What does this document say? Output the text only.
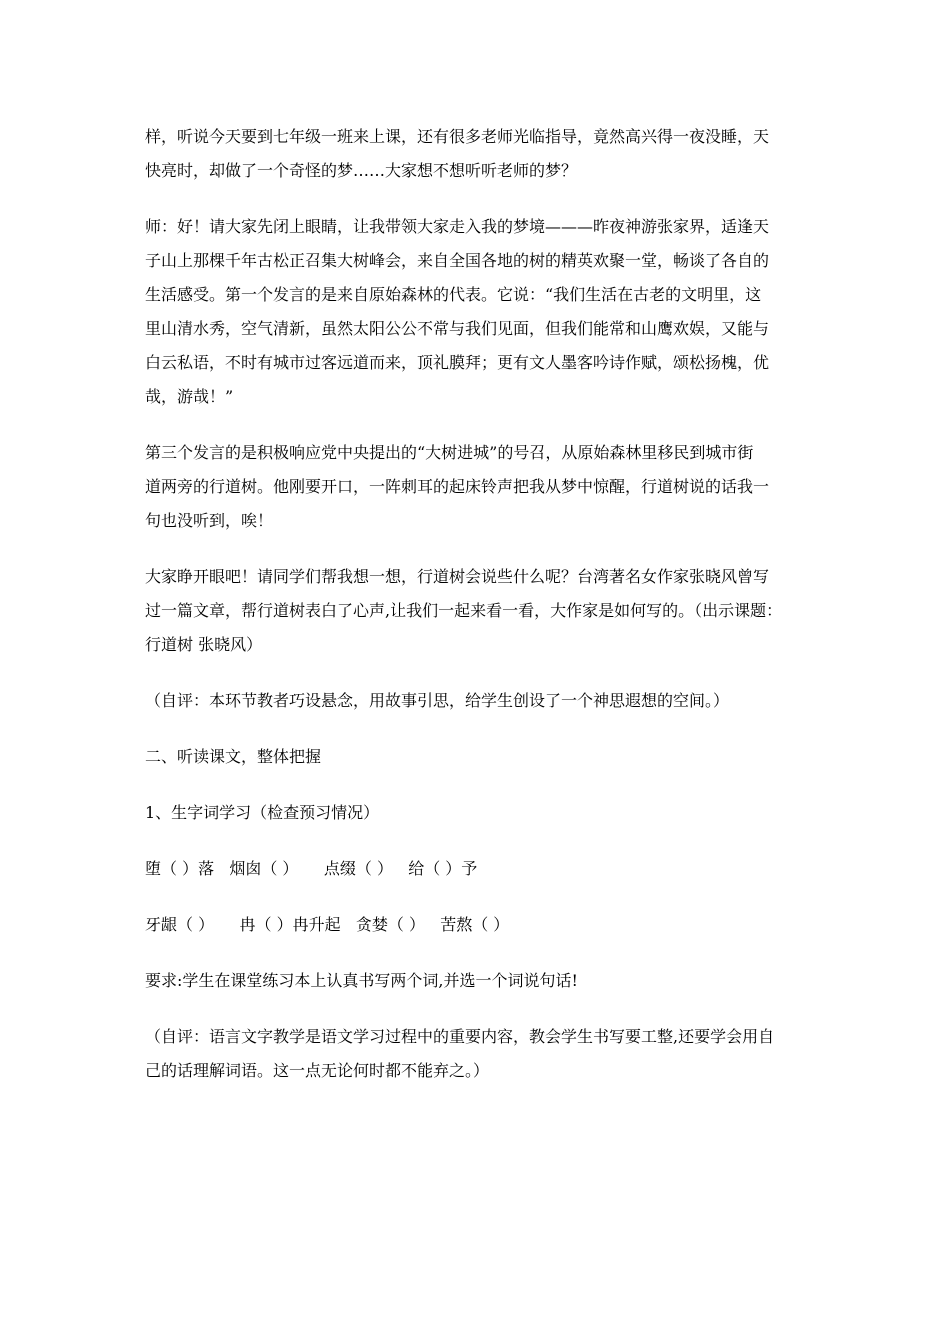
样，听说今天要到七年级一班来上课，还有很多老师光临指导，竟然高兴得一夜没睡，天
快亮时，却做了一个奇怪的梦……大家想不想听听老师的梦？

师：好！请大家先闭上眼睛，让我带领大家走入我的梦境———昨夜神游张家界，适逢天
子山上那棵千年古松正召集大树峰会，来自全国各地的树的精英欢聚一堂，畅谈了各自的
生活感受。第一个发言的是来自原始森林的代表。它说：“我们生活在古老的文明里，这
里山清水秀，空气清新，虽然太阳公公不常与我们见面，但我们能常和山鹰欢娱，又能与
白云私语，不时有城市过客远道而来，顶礼膜拜；更有文人墨客吟诗作赋，颂松扬槐，优
哉，游哉！”

第三个发言的是积极响应党中央提出的“大树进城”的号召，从原始森林里移民到城市街
道两旁的行道树。他刚要开口，一阵刺耳的起床铃声把我从梦中惊醒，行道树说的话我一
句也没听到，唉！

大家睁开眼吧！请同学们帮我想一想，行道树会说些什么呢？台湾著名女作家张晓风曾写
过一篇文章，帮行道树表白了心声,让我们一起来看一看，大作家是如何写的。（出示课题：
行道树 张晓风）

（自评：本环节教者巧设悬念，用故事引思，给学生创设了一个神思遐想的空间。）

二、听读课文，整体把握

1、生字词学习（检查预习情况）

堕（ ）落   烟囱（ ）     点缀（ ）   给（ ）予

牙龈（ ）     冉（ ）冉升起   贪婪（ ）   苦熬（ ）

要求:学生在课堂练习本上认真书写两个词,并选一个词说句话!

（自评：语言文字教学是语文学习过程中的重要内容，教会学生书写要工整,还要学会用自
己的话理解词语。这一点无论何时都不能弃之。）
